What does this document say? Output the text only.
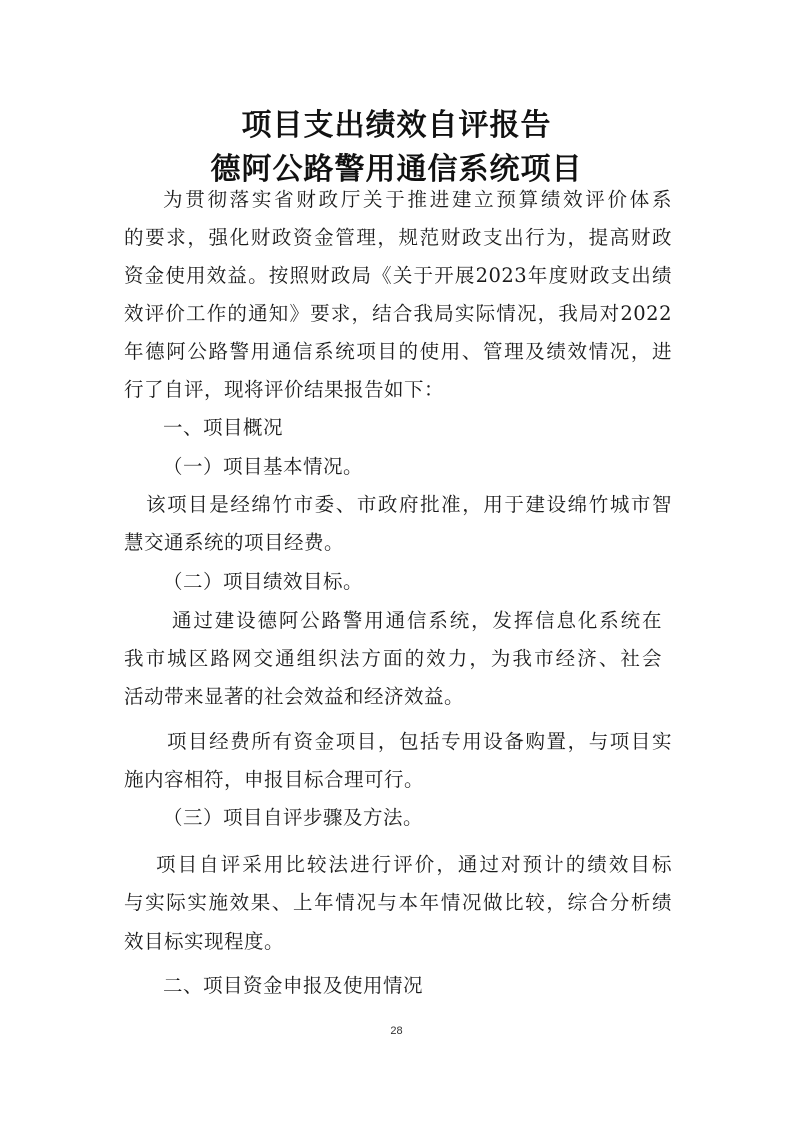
项目支出绩效自评报告
德阿公路警用通信系统项目
为贯彻落实省财政厅关于推进建立预算绩效评价体系
的要求，强化财政资金管理，规范财政支出行为，提高财政
资金使用效益。按照财政局《关于开展2023年度财政支出绩
效评价工作的通知》要求，结合我局实际情况，我局对2022
年德阿公路警用通信系统项目的使用、管理及绩效情况，进
行了自评，现将评价结果报告如下：
一、项目概况
（一）项目基本情况。
该项目是经绵竹市委、市政府批准，用于建设绵竹城市智
慧交通系统的项目经费。
（二）项目绩效目标。
通过建设德阿公路警用通信系统，发挥信息化系统在
我市城区路网交通组织法方面的效力，为我市经济、社会
活动带来显著的社会效益和经济效益。
项目经费所有资金项目，包括专用设备购置，与项目实
施内容相符，申报目标合理可行。
（三）项目自评步骤及方法。
项目自评采用比较法进行评价，通过对预计的绩效目标
与实际实施效果、上年情况与本年情况做比较，综合分析绩
效目标实现程度。
二、项目资金申报及使用情况
28
